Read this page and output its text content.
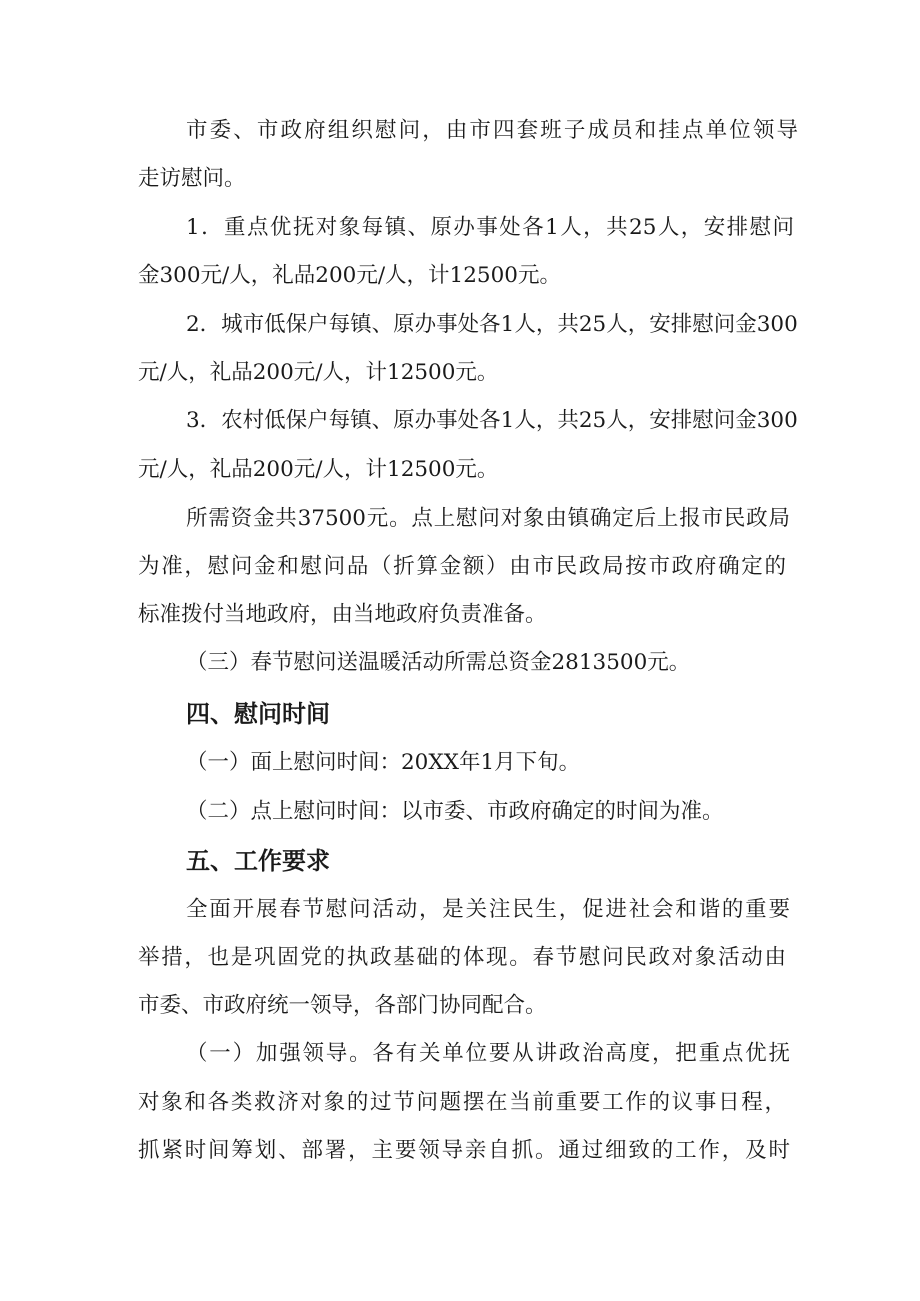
市委、市政府组织慰问，由市四套班子成员和挂点单位领导
走访慰问。
1．重点优抚对象每镇、原办事处各1人，共25人，安排慰问
金300元/人，礼品200元/人，计12500元。
2．城市低保户每镇、原办事处各1人，共25人，安排慰问金300
元/人，礼品200元/人，计12500元。
3．农村低保户每镇、原办事处各1人，共25人，安排慰问金300
元/人，礼品200元/人，计12500元。
所需资金共37500元。点上慰问对象由镇确定后上报市民政局
为准，慰问金和慰问品（折算金额）由市民政局按市政府确定的
标准拨付当地政府，由当地政府负责准备。
（三）春节慰问送温暖活动所需总资金2813500元。
四、慰问时间
（一）面上慰问时间：20XX年1月下旬。
（二）点上慰问时间：以市委、市政府确定的时间为准。
五、工作要求
全面开展春节慰问活动，是关注民生，促进社会和谐的重要
举措，也是巩固党的执政基础的体现。春节慰问民政对象活动由
市委、市政府统一领导，各部门协同配合。
（一）加强领导。各有关单位要从讲政治高度，把重点优抚
对象和各类救济对象的过节问题摆在当前重要工作的议事日程，
抓紧时间筹划、部署，主要领导亲自抓。通过细致的工作，及时
